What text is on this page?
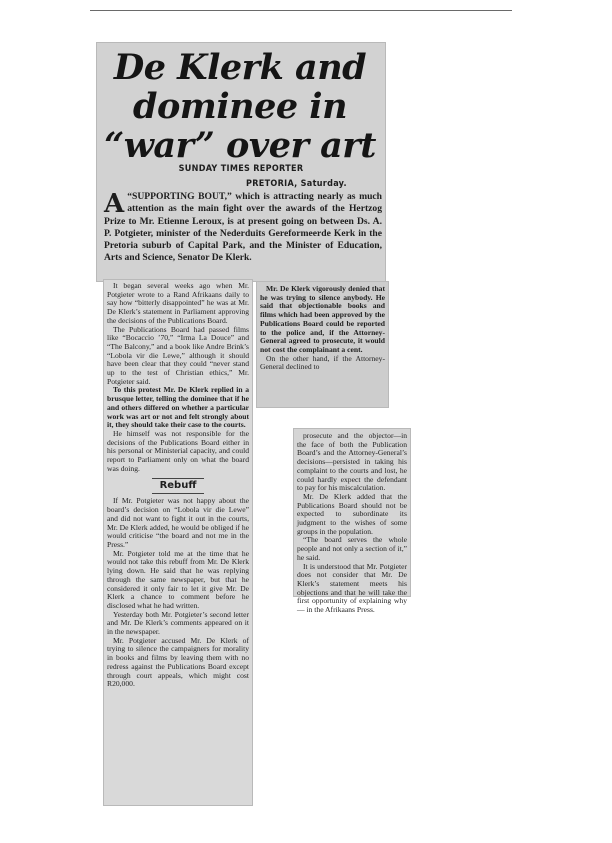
De Klerk and
dominee in
“war” over art
SUNDAY TIMES REPORTER
PRETORIA, Saturday.

A “SUPPORTING BOUT,” which is attracting nearly as much attention as the main fight over the awards of the Hertzog Prize to Mr. Etienne Leroux, is at present going on between Ds. A. P. Potgieter, minister of the Nederduits Gereformeerde Kerk in the Pretoria suburb of Capital Park, and the Minister of Education, Arts and Science, Senator De Klerk.

It began several weeks ago when Mr. Potgieter wrote to a Rand Afrikaans daily to say how “bitterly disappointed” he was at Mr. De Klerk’s statement in Parliament approving the decisions of the Publications Board.

The Publications Board had passed films like “Bocaccio ’70,” “Irma La Douce” and “The Balcony,” and a book like Andre Brink’s “Lobola vir die Lewe,” although it should have been clear that they could “never stand up to the test of Christian ethics,” Mr. Potgieter said.

To this protest Mr. De Klerk replied in a brusque letter, telling the dominee that if he and others differed on whether a particular work was art or not and felt strongly about it, they should take their case to the courts.

He himself was not responsible for the decisions of the Publications Board either in his personal or Ministerial capacity, and could report to Parliament only on what the board was doing.

Rebuff

If Mr. Potgieter was not happy about the board’s decision on “Lobola vir die Lewe” and did not want to fight it out in the courts, Mr. De Klerk added, he would be obliged if he would criticise “the board and not me in the Press.”

Mr. Potgieter told me at the time that he would not take this rebuff from Mr. De Klerk lying down. He said that he was replying through the same newspaper, but that he considered it only fair to let it give Mr. De Klerk a chance to comment before he disclosed what he had written.

Yesterday both Mr. Potgieter’s second letter and Mr. De Klerk’s comments appeared on it in the newspaper.

Mr. Potgieter accused Mr. De Klerk of trying to silence the campaigners for morality in books and films by leaving them with no redress against the Publications Board except through court appeals, which might cost R20,000.

Mr. De Klerk vigorously denied that he was trying to silence anybody. He said that objectionable books and films which had been approved by the Publications Board could be reported to the police and, if the Attorney-General agreed to prosecute, it would not cost the complainant a cent.

On the other hand, if the Attorney-General declined to

prosecute and the objector—in the face of both the Publication Board’s and the Attorney-General’s decisions—persisted in taking his complaint to the courts and lost, he could hardly expect the defendant to pay for his miscalculation.

Mr. De Klerk added that the Publications Board should not be expected to subordinate its judgment to the wishes of some groups in the population.

“The board serves the whole people and not only a section of it,” he said.

It is understood that Mr. Potgieter does not consider that Mr. De Klerk’s statement meets his objections and that he will take the first opportunity of explaining why — in the Afrikaans Press.
